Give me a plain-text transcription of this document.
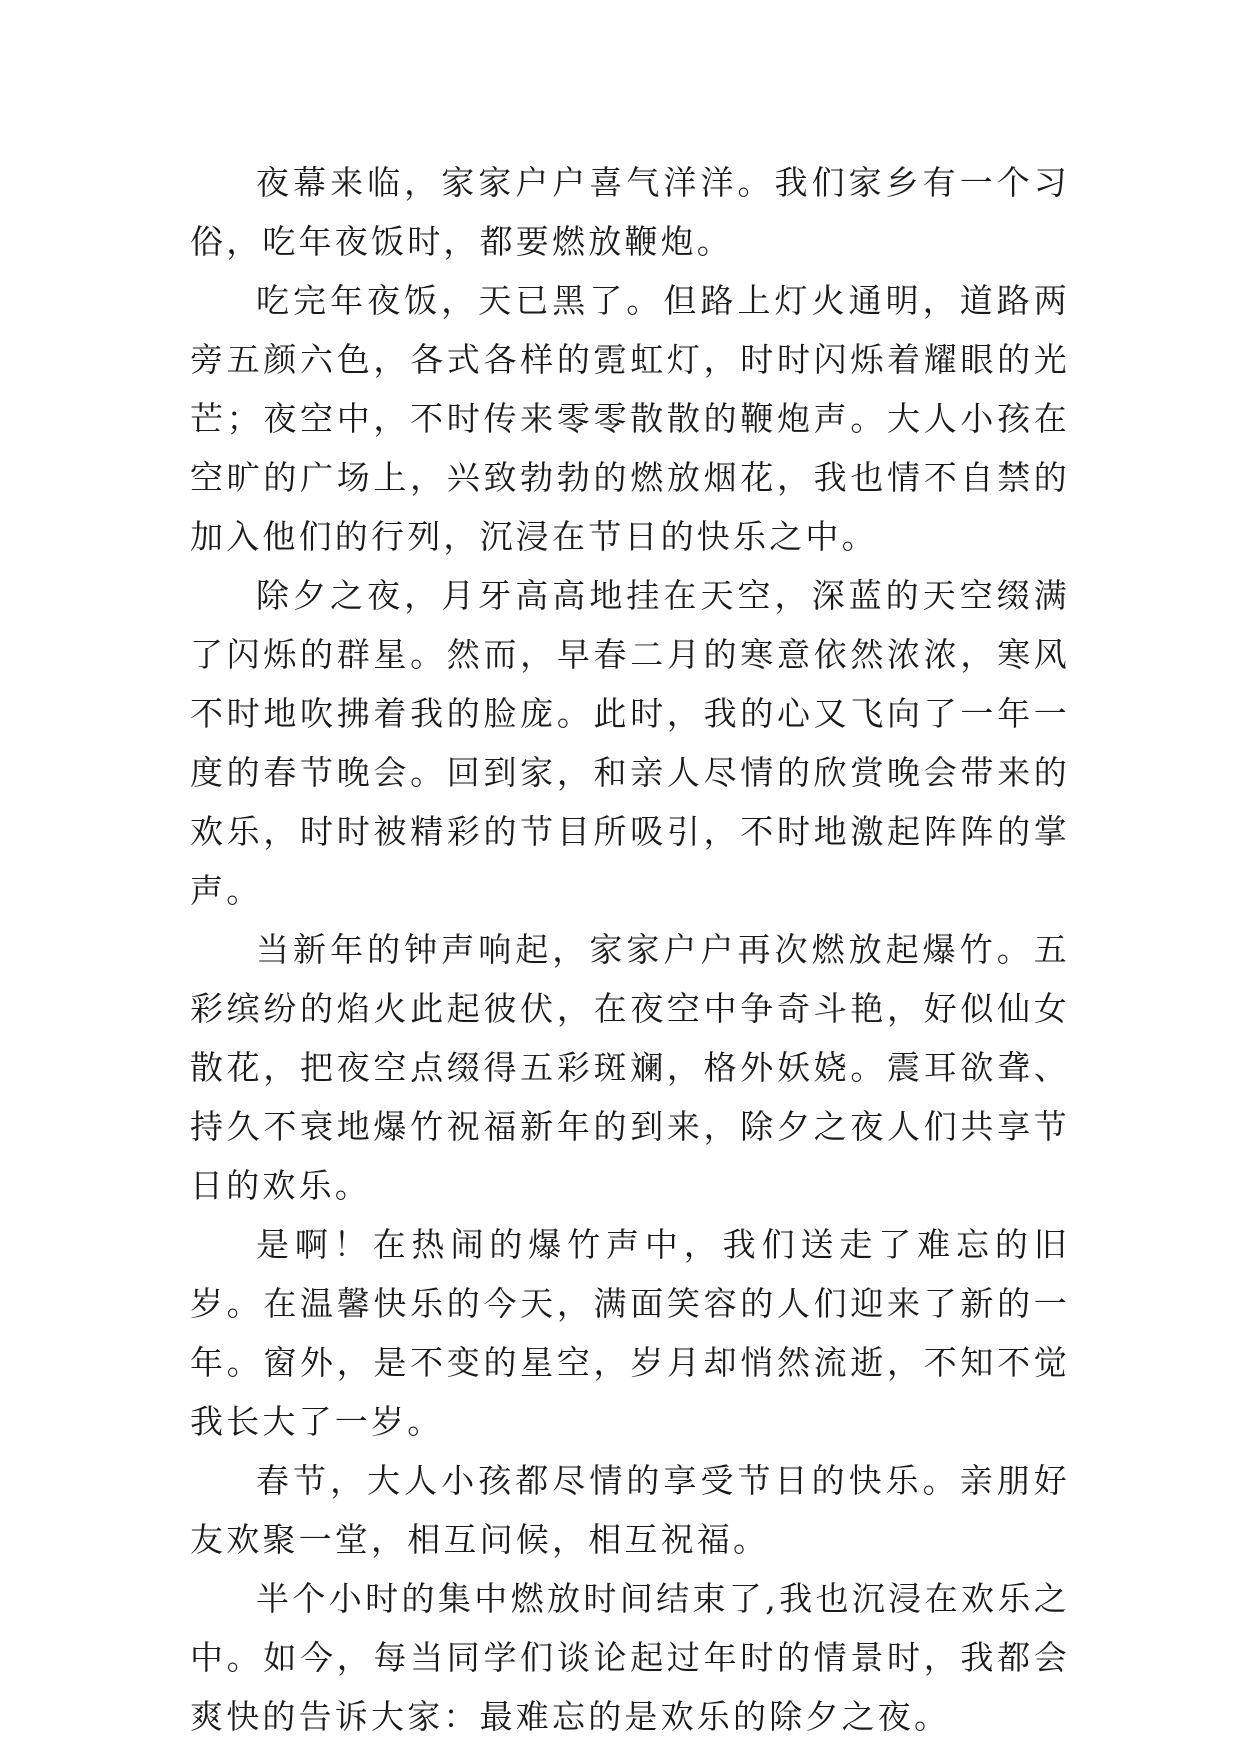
夜幕来临，家家户户喜气洋洋。我们家乡有一个习俗，吃年夜饭时，都要燃放鞭炮。

吃完年夜饭，天已黑了。但路上灯火通明，道路两旁五颜六色，各式各样的霓虹灯，时时闪烁着耀眼的光芒；夜空中，不时传来零零散散的鞭炮声。大人小孩在空旷的广场上，兴致勃勃的燃放烟花，我也情不自禁的加入他们的行列，沉浸在节日的快乐之中。

除夕之夜，月牙高高地挂在天空，深蓝的天空缀满了闪烁的群星。然而，早春二月的寒意依然浓浓，寒风不时地吹拂着我的脸庞。此时，我的心又飞向了一年一度的春节晚会。回到家，和亲人尽情的欣赏晚会带来的欢乐，时时被精彩的节目所吸引，不时地激起阵阵的掌声。

当新年的钟声响起，家家户户再次燃放起爆竹。五彩缤纷的焰火此起彼伏，在夜空中争奇斗艳，好似仙女散花，把夜空点缀得五彩斑斓，格外妖娆。震耳欲聋、持久不衰地爆竹祝福新年的到来，除夕之夜人们共享节日的欢乐。

是啊！在热闹的爆竹声中，我们送走了难忘的旧岁。在温馨快乐的今天，满面笑容的人们迎来了新的一年。窗外，是不变的星空，岁月却悄然流逝，不知不觉我长大了一岁。

春节，大人小孩都尽情的享受节日的快乐。亲朋好友欢聚一堂，相互问候，相互祝福。

半个小时的集中燃放时间结束了,我也沉浸在欢乐之中。如今，每当同学们谈论起过年时的情景时，我都会爽快的告诉大家：最难忘的是欢乐的除夕之夜。
